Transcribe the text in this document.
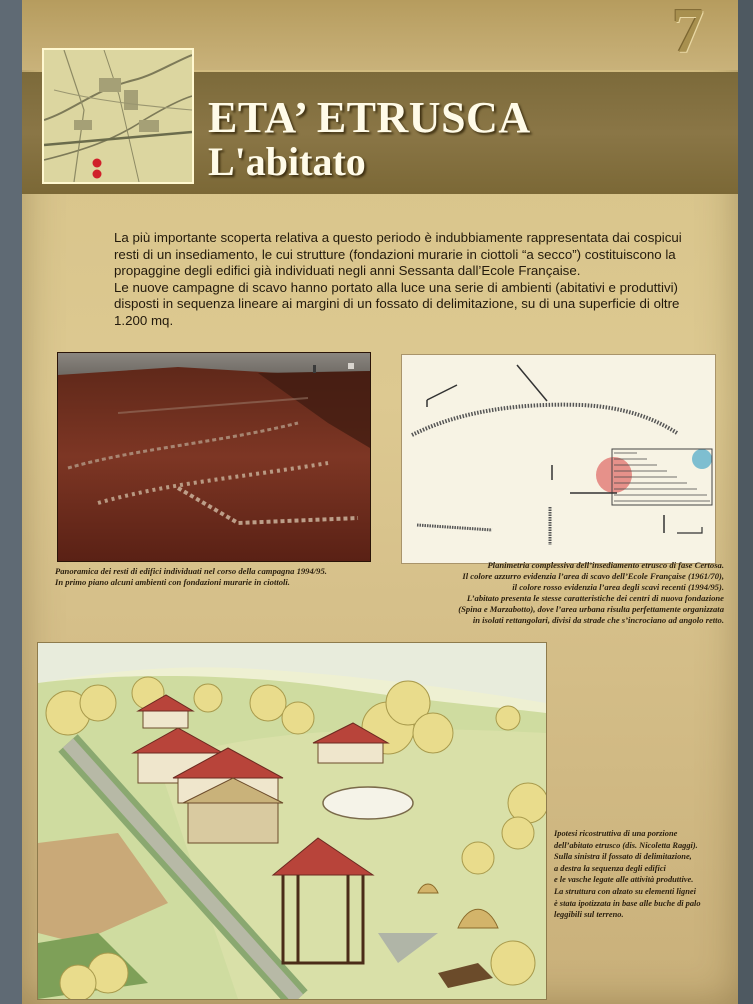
7
ETA’ ETRUSCA
L'abitato

La più importante scoperta relativa a questo periodo è indubbiamente rappresentata dai cospicui resti di un insediamento, le cui strutture (fondazioni murarie in ciottoli “a secco”) costituiscono la propaggine degli edifici già individuati negli anni Sessanta dall’Ecole Française.

Le nuove campagne di scavo hanno portato alla luce una serie di ambienti (abitativi e produttivi) disposti in sequenza lineare ai margini di un fossato di delimitazione, su di una superficie di oltre 1.200 mq.

Panoramica dei resti di edifici individuati nel corso della campagna 1994/95.

In primo piano alcuni ambienti con fondazioni murarie in ciottoli.

Planimetria complessiva dell’insediamento etrusco di fase Certosa.

Il colore azzurro evidenzia l’area di scavo dell’Ecole Française (1961/70),

il colore rosso evidenzia l’area degli scavi recenti (1994/95).

L’abitato presenta le stesse caratteristiche dei centri di nuova fondazione

(Spina e Marzabotto), dove l’area urbana risulta perfettamente organizzata

in isolati rettangolari, divisi da strade che s’incrociano ad angolo retto.

Ipotesi ricostruttiva di una porzione

dell’abitato etrusco (dis. Nicoletta Raggi).

Sulla sinistra il fossato di delimitazione,

a destra la sequenza degli edifici

e le vasche legate alle attività produttive.

La struttura con alzato su elementi lignei

è stata ipotizzata in base alle buche di palo

leggibili sul terreno.
